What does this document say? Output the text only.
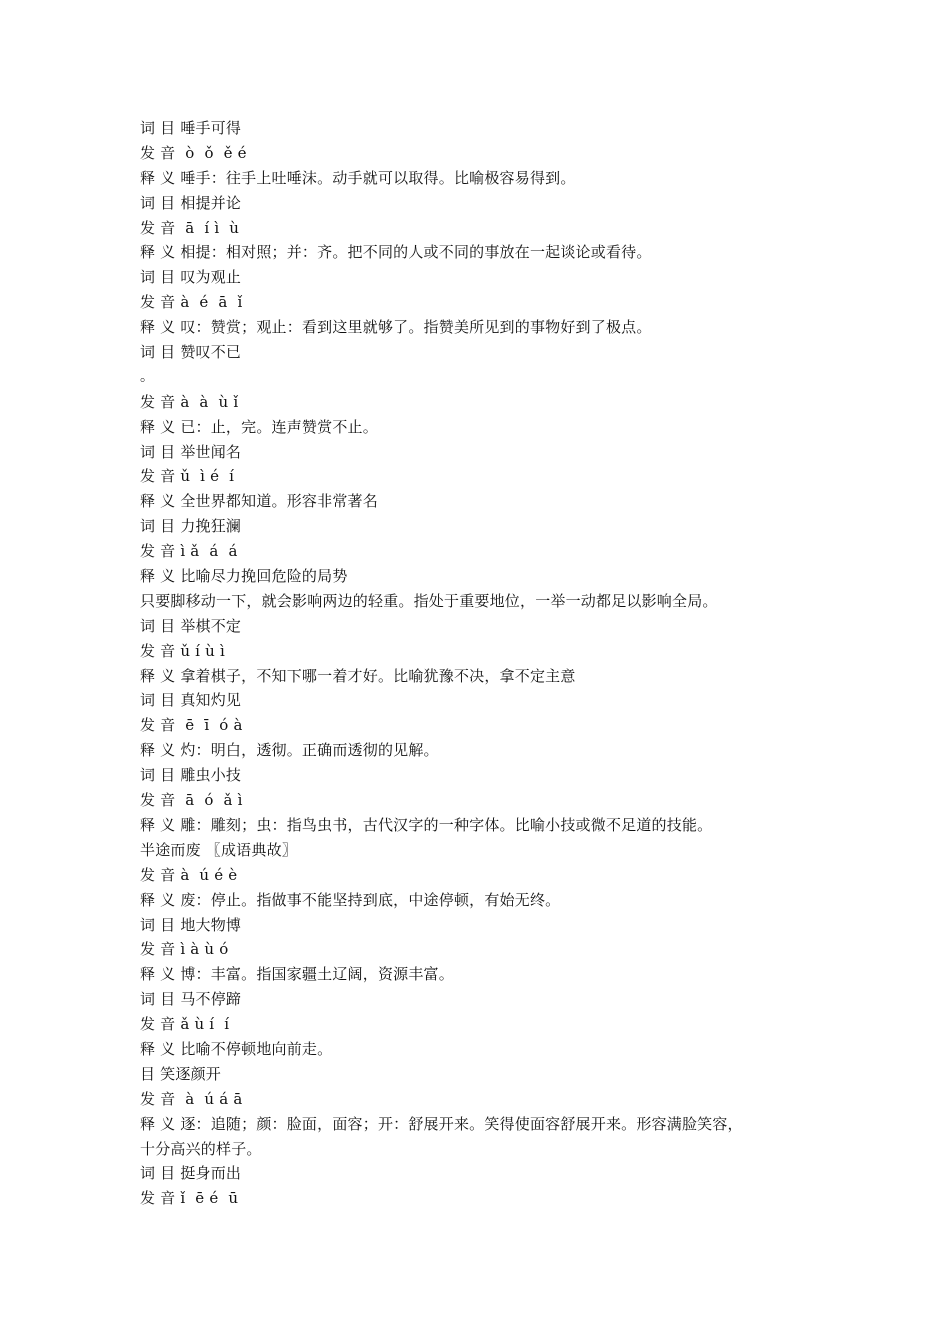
词 目 唾手可得
发 音  ò  ǒ  ě é
释 义 唾手：往手上吐唾沫。动手就可以取得。比喻极容易得到。
词 目 相提并论
发 音  ā  í ì  ù
释 义 相提：相对照；并：齐。把不同的人或不同的事放在一起谈论或看待。
词 目 叹为观止
发 音 à  é  ā  ǐ
释 义 叹：赞赏；观止：看到这里就够了。指赞美所见到的事物好到了极点。
词 目 赞叹不已
。
发 音 à  à  ù ǐ
释 义 已：止，完。连声赞赏不止。
词 目 举世闻名
发 音 ǔ  ì é  í
释 义 全世界都知道。形容非常著名
词 目 力挽狂澜
发 音 ì ǎ  á  á
释 义 比喻尽力挽回危险的局势
只要脚移动一下，就会影响两边的轻重。指处于重要地位，一举一动都足以影响全局。
词 目 举棋不定
发 音 ǔ í ù ì
释 义 拿着棋子，不知下哪一着才好。比喻犹豫不决，拿不定主意
词 目 真知灼见
发 音  ē  ī  ó à
释 义 灼：明白，透彻。正确而透彻的见解。
词 目 雕虫小技
发 音  ā  ó  ǎ ì
释 义 雕：雕刻；虫：指鸟虫书，古代汉字的一种字体。比喻小技或微不足道的技能。
半途而废 〖成语典故〗
发 音 à  ú é è
释 义 废：停止。指做事不能坚持到底，中途停顿，有始无终。
词 目 地大物博
发 音 ì à ù ó
释 义 博：丰富。指国家疆土辽阔，资源丰富。
词 目 马不停蹄
发 音 ǎ ù í  í
释 义 比喻不停顿地向前走。
目 笑逐颜开
发 音  à  ú á ā
释 义 逐：追随；颜：脸面，面容；开：舒展开来。笑得使面容舒展开来。形容满脸笑容，
十分高兴的样子。
词 目 挺身而出
发 音 ǐ  ē é  ū
